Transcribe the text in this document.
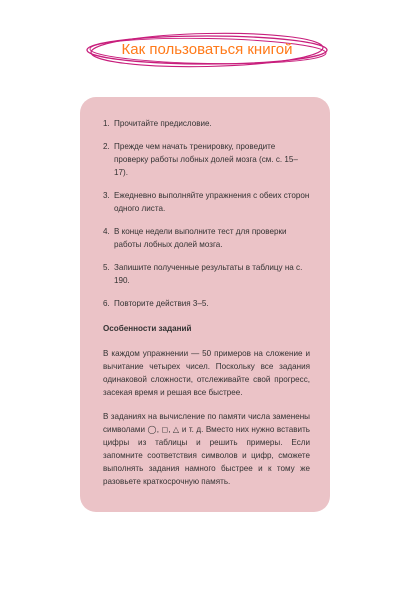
Как пользоваться книгой
1. Прочитайте предисловие.
2. Прежде чем начать тренировку, проведите проверку работы лобных долей мозга (см. с. 15–17).
3. Ежедневно выполняйте упражнения с обеих сторон одного листа.
4. В конце недели выполните тест для проверки работы лобных долей мозга.
5. Запишите полученные результаты в таблицу на с. 190.
6. Повторите действия 3–5.
Особенности заданий

В каждом упражнении — 50 примеров на сложение и вычитание четырех чисел. Поскольку все задания одинаковой сложности, отслеживайте свой прогресс, засекая время и решая все быстрее.

В заданиях на вычисление по памяти числа заменены символами ◯, ◻, △ и т. д. Вместо них нужно вставить цифры из таблицы и решить примеры. Если запомните соответствия символов и цифр, сможете выполнять задания намного быстрее и к тому же разовьете краткосрочную память.
